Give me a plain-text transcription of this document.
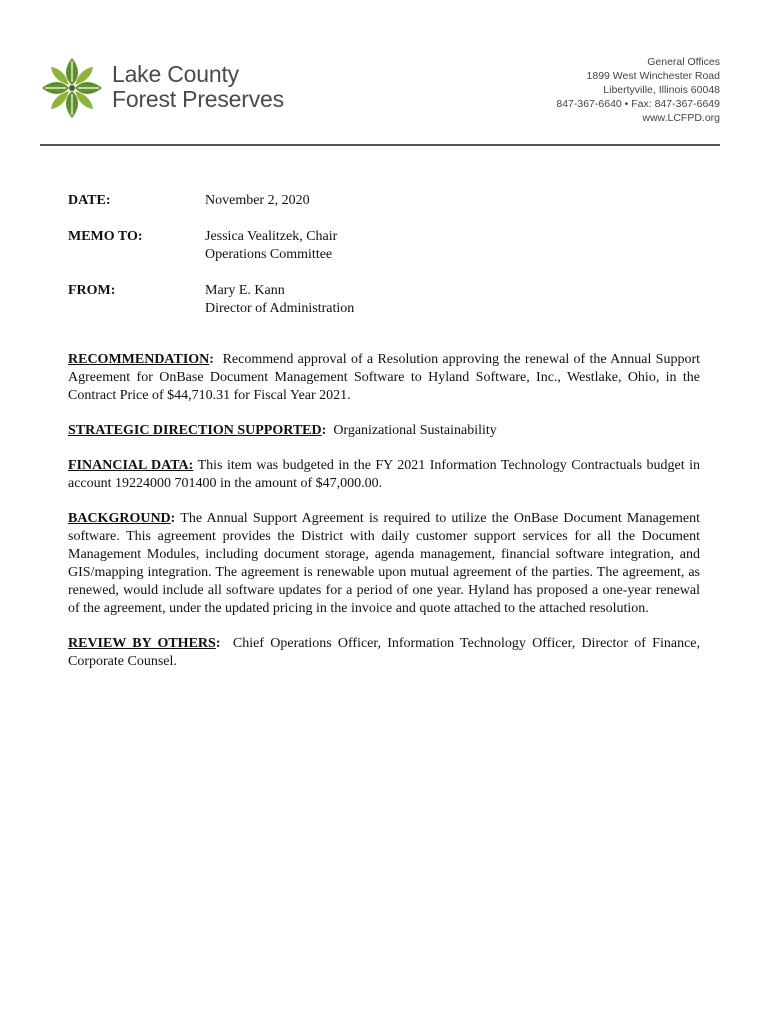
Lake County
Forest Preserves
General Offices
1899 West Winchester Road
Libertyville, Illinois 60048
847-367-6640 • Fax: 847-367-6649
www.LCFPD.org
DATE:	November 2, 2020
MEMO TO:	Jessica Vealitzek, Chair
Operations Committee
FROM:	Mary E. Kann
Director of Administration

RECOMMENDATION: Recommend approval of a Resolution approving the renewal of the Annual Support Agreement for OnBase Document Management Software to Hyland Software, Inc., Westlake, Ohio, in the Contract Price of $44,710.31 for Fiscal Year 2021.

STRATEGIC DIRECTION SUPPORTED: Organizational Sustainability

FINANCIAL DATA: This item was budgeted in the FY 2021 Information Technology Contractuals budget in account 19224000 701400 in the amount of $47,000.00.

BACKGROUND: The Annual Support Agreement is required to utilize the OnBase Document Management software. This agreement provides the District with daily customer support services for all the Document Management Modules, including document storage, agenda management, financial software integration, and GIS/mapping integration. The agreement is renewable upon mutual agreement of the parties. The agreement, as renewed, would include all software updates for a period of one year. Hyland has proposed a one-year renewal of the agreement, under the updated pricing in the invoice and quote attached to the attached resolution.

REVIEW BY OTHERS: Chief Operations Officer, Information Technology Officer, Director of Finance, Corporate Counsel.
